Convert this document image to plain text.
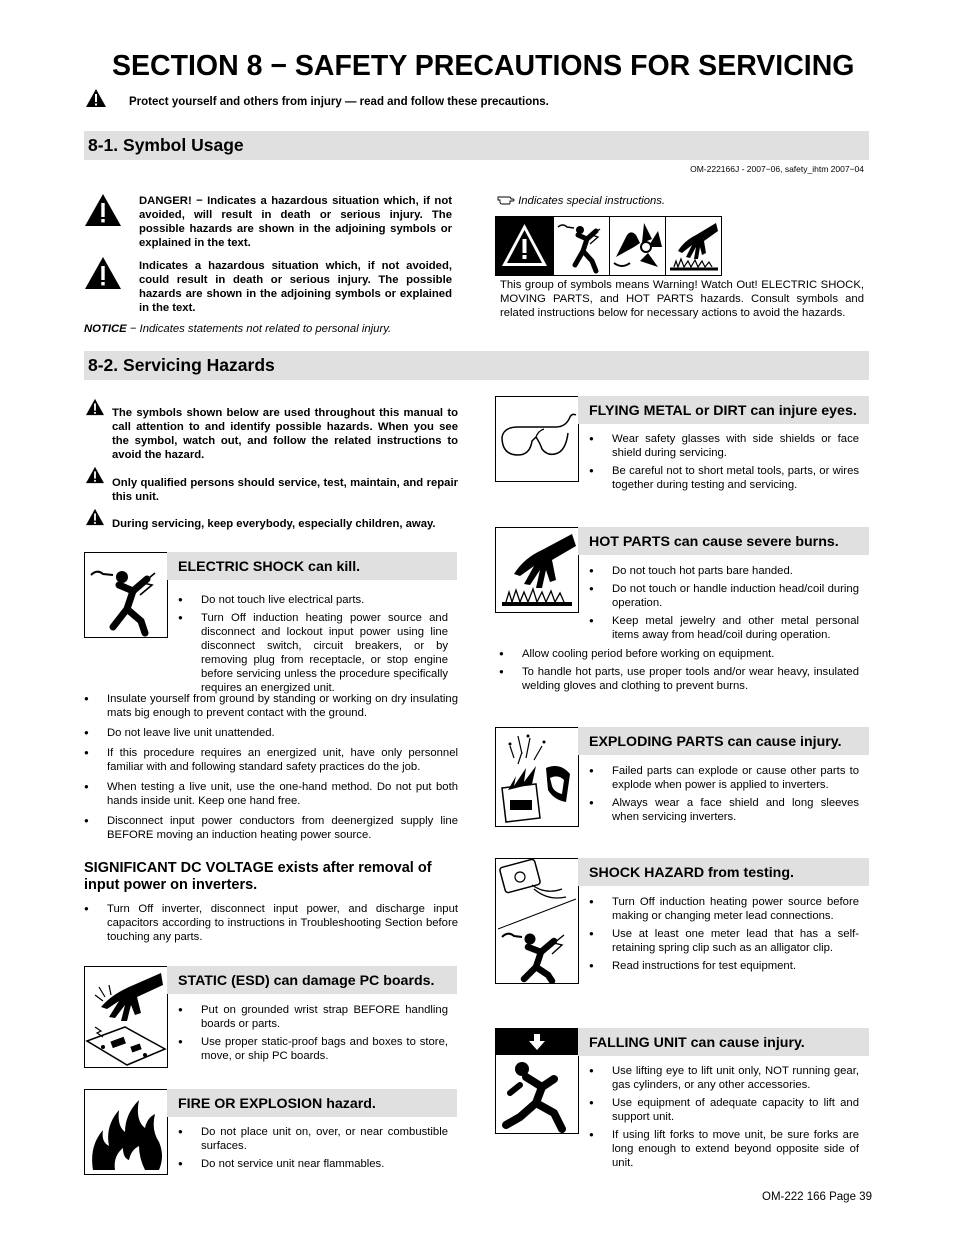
SECTION 8 − SAFETY PRECAUTIONS FOR SERVICING
Protect yourself and others from injury — read and follow these precautions.
8-1. Symbol Usage
OM-222166J - 2007−06, safety_ihtm 2007−04
DANGER! − Indicates a hazardous situation which, if not avoided, will result in death or serious injury. The possible hazards are shown in the adjoining symbols or explained in the text.
Indicates a hazardous situation which, if not avoided, could result in death or serious injury. The possible hazards are shown in the adjoining symbols or explained in the text.
NOTICE − Indicates statements not related to personal injury.
Indicates special instructions.
This group of symbols means Warning! Watch Out! ELECTRIC SHOCK, MOVING PARTS, and HOT PARTS hazards. Consult symbols and related instructions below for necessary actions to avoid the hazards.
8-2. Servicing Hazards
The symbols shown below are used throughout this manual to call attention to and identify possible hazards. When you see the symbol, watch out, and follow the related instructions to avoid the hazard.
Only qualified persons should service, test, maintain, and repair this unit.
During servicing, keep everybody, especially children, away.
ELECTRIC SHOCK can kill.
● Do not touch live electrical parts.
●	Turn Off induction heating power source and disconnect and lockout input power using line disconnect switch, circuit breakers, or by removing plug from receptacle, or stop engine before servicing unless the procedure specifically requires an energized unit.
● Insulate yourself from ground by standing or working on dry insulating mats big enough to prevent contact with the ground.
● Do not leave live unit unattended.
● If this procedure requires an energized unit, have only personnel familiar with and following standard safety practices do the job.
● When testing a live unit, use the one-hand method. Do not put both hands inside unit. Keep one hand free.
● Disconnect input power conductors from deenergized supply line BEFORE moving an induction heating power source.
SIGNIFICANT DC VOLTAGE exists after removal of input power on inverters.
● Turn Off inverter, disconnect input power, and discharge input capacitors according to instructions in Troubleshooting Section before touching any parts.
STATIC (ESD) can damage PC boards.
● Put on grounded wrist strap BEFORE handling boards or parts.
● Use proper static-proof bags and boxes to store, move, or ship PC boards.
FIRE OR EXPLOSION hazard.
● Do not place unit on, over, or near combustible surfaces.
● Do not service unit near flammables.
FLYING METAL or DIRT can injure eyes.
● Wear safety glasses with side shields or face shield during servicing.
● Be careful not to short metal tools, parts, or wires together during testing and servicing.
HOT PARTS can cause severe burns.
● Do not touch hot parts bare handed.
● Do not touch or handle induction head/coil during operation.
● Keep metal jewelry and other metal personal items away from head/coil during operation.
● Allow cooling period before working on equipment.
● To handle hot parts, use proper tools and/or wear heavy, insulated welding gloves and clothing to prevent burns.
EXPLODING PARTS can cause injury.
● Failed parts can explode or cause other parts to explode when power is applied to inverters.
● Always wear a face shield and long sleeves when servicing inverters.
SHOCK HAZARD from testing.
● Turn Off induction heating power source before making or changing meter lead connections.
● Use at least one meter lead that has a self-retaining spring clip such as an alligator clip.
● Read instructions for test equipment.
FALLING UNIT can cause injury.
● Use lifting eye to lift unit only, NOT running gear, gas cylinders, or any other accessories.
● Use equipment of adequate capacity to lift and support unit.
● If using lift forks to move unit, be sure forks are long enough to extend beyond opposite side of unit.
OM-222 166 Page 39
